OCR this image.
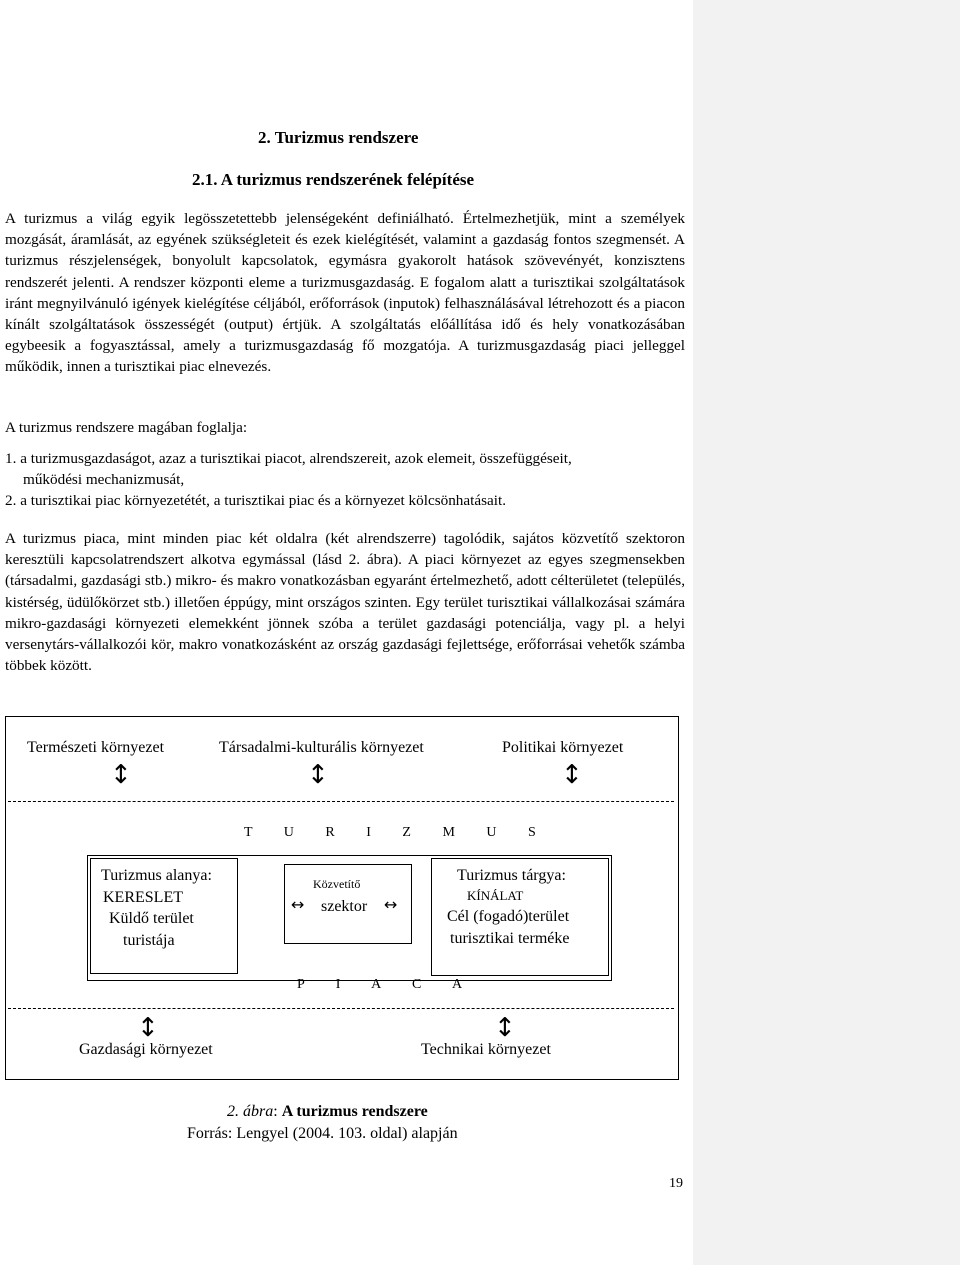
2. Turizmus rendszere
2.1. A turizmus rendszerének felépítése

A turizmus a világ egyik legösszetettebb jelenségeként definiálható. Értelmezhetjük, mint a személyek mozgását, áramlását, az egyének szükségleteit és ezek kielégítését, valamint a gazdaság fontos szegmensét. A turizmus részjelenségek, bonyolult kapcsolatok, egymásra gyakorolt hatások szövevényét, konzisztens rendszerét jelenti. A rendszer központi eleme a turizmusgazdaság. E fogalom alatt a turisztikai szolgáltatások iránt megnyilvánuló igények kielégítése céljából, erőforrások (inputok) felhasználásával létrehozott és a piacon kínált szolgáltatások összességét (output) értjük. A szolgáltatás előállítása idő és hely vonatkozásában egybeesik a fogyasztással, amely a turizmusgazdaság fő mozgatója. A turizmusgazdaság piaci jelleggel működik, innen a turisztikai piac elnevezés.

A turizmus rendszere magában foglalja:

1. a turizmusgazdaságot, azaz a turisztikai piacot, alrendszereit, azok elemeit, összefüggéseit,

működési mechanizmusát,

2. a turisztikai piac környezetétét, a turisztikai piac és a környezet kölcsönhatásait.

A turizmus piaca, mint minden piac két oldalra (két alrendszerre) tagolódik, sajátos közvetítő szektoron keresztüli kapcsolatrendszert alkotva egymással (lásd 2. ábra). A piaci környezet az egyes szegmensekben (társadalmi, gazdasági stb.) mikro- és makro vonatkozásban egyaránt értelmezhető, adott célterületet (település, kistérség, üdülőkörzet stb.) illetően éppúgy, mint országos szinten. Egy terület turisztikai vállalkozásai számára mikro-gazdasági környezeti elemekként jönnek szóba a terület gazdasági potenciálja, vagy pl. a helyi versenytárs-vállalkozói kör, makro vonatkozásként az ország gazdasági fejlettsége, erőforrásai vehetők számba többek között.

Természeti környezet	Társadalmi-kulturális környezet	Politikai környezet
↕	↕	↕
T U R I Z M U S
Turizmus alanya:
KERESLET
Küldő terület
turistája
Közvetítő
↔ szektor ↔
Turizmus tárgya:
KÍNÁLAT
Cél (fogadó)terület
turisztikai terméke
P I A C A
↕	↕
Gazdasági környezet	Technikai környezet
2. ábra: A turizmus rendszere
Forrás: Lengyel (2004. 103. oldal) alapján
19
